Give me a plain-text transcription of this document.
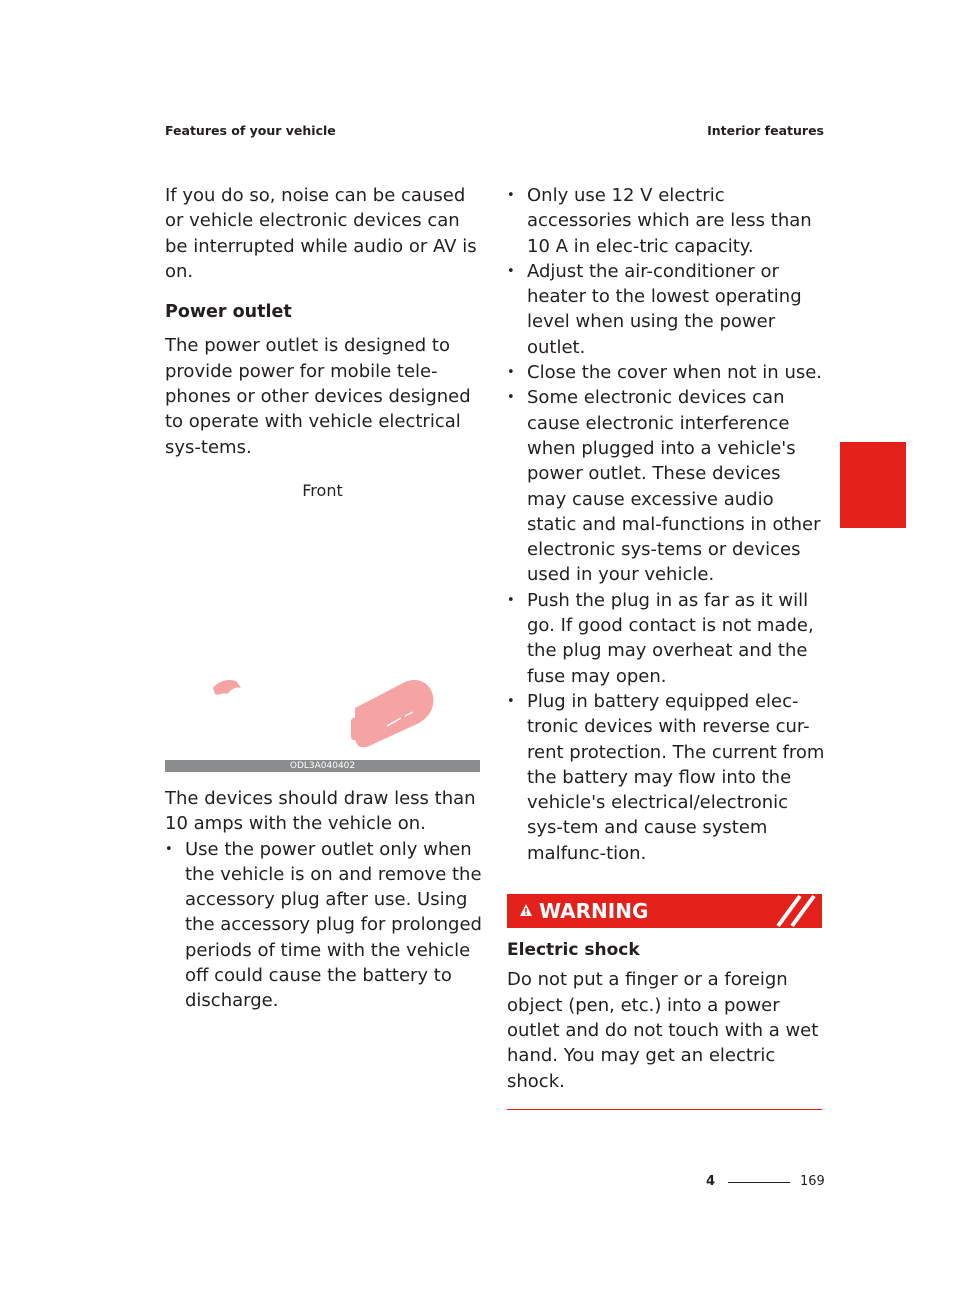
Features of your vehicle	Interior features

If you do so, noise can be caused or vehicle electronic devices can be interrupted while audio or AV is on.

Power outlet

The power outlet is designed to provide power for mobile tele-phones or other devices designed to operate with vehicle electrical sys-tems.

Front
ODL3A040402

The devices should draw less than 10 amps with the vehicle on.

• Use the power outlet only when the vehicle is on and remove the accessory plug after use. Using the accessory plug for prolonged periods of time with the vehicle off could cause the battery to discharge.
• Only use 12 V electric accessories which are less than 10 A in elec-tric capacity.
• Adjust the air-conditioner or heater to the lowest operating level when using the power outlet.
• Close the cover when not in use.
• Some electronic devices can cause electronic interference when plugged into a vehicle's power outlet. These devices may cause excessive audio static and mal-functions in other electronic sys-tems or devices used in your vehicle.
• Push the plug in as far as it will go. If good contact is not made, the plug may overheat and the fuse may open.
• Plug in battery equipped elec-tronic devices with reverse cur-rent protection. The current from the battery may flow into the vehicle's electrical/electronic sys-tem and cause system malfunc-tion.
WARNING

Electric shock

Do not put a finger or a foreign object (pen, etc.) into a power outlet and do not touch with a wet hand. You may get an electric shock.

4
4	169
